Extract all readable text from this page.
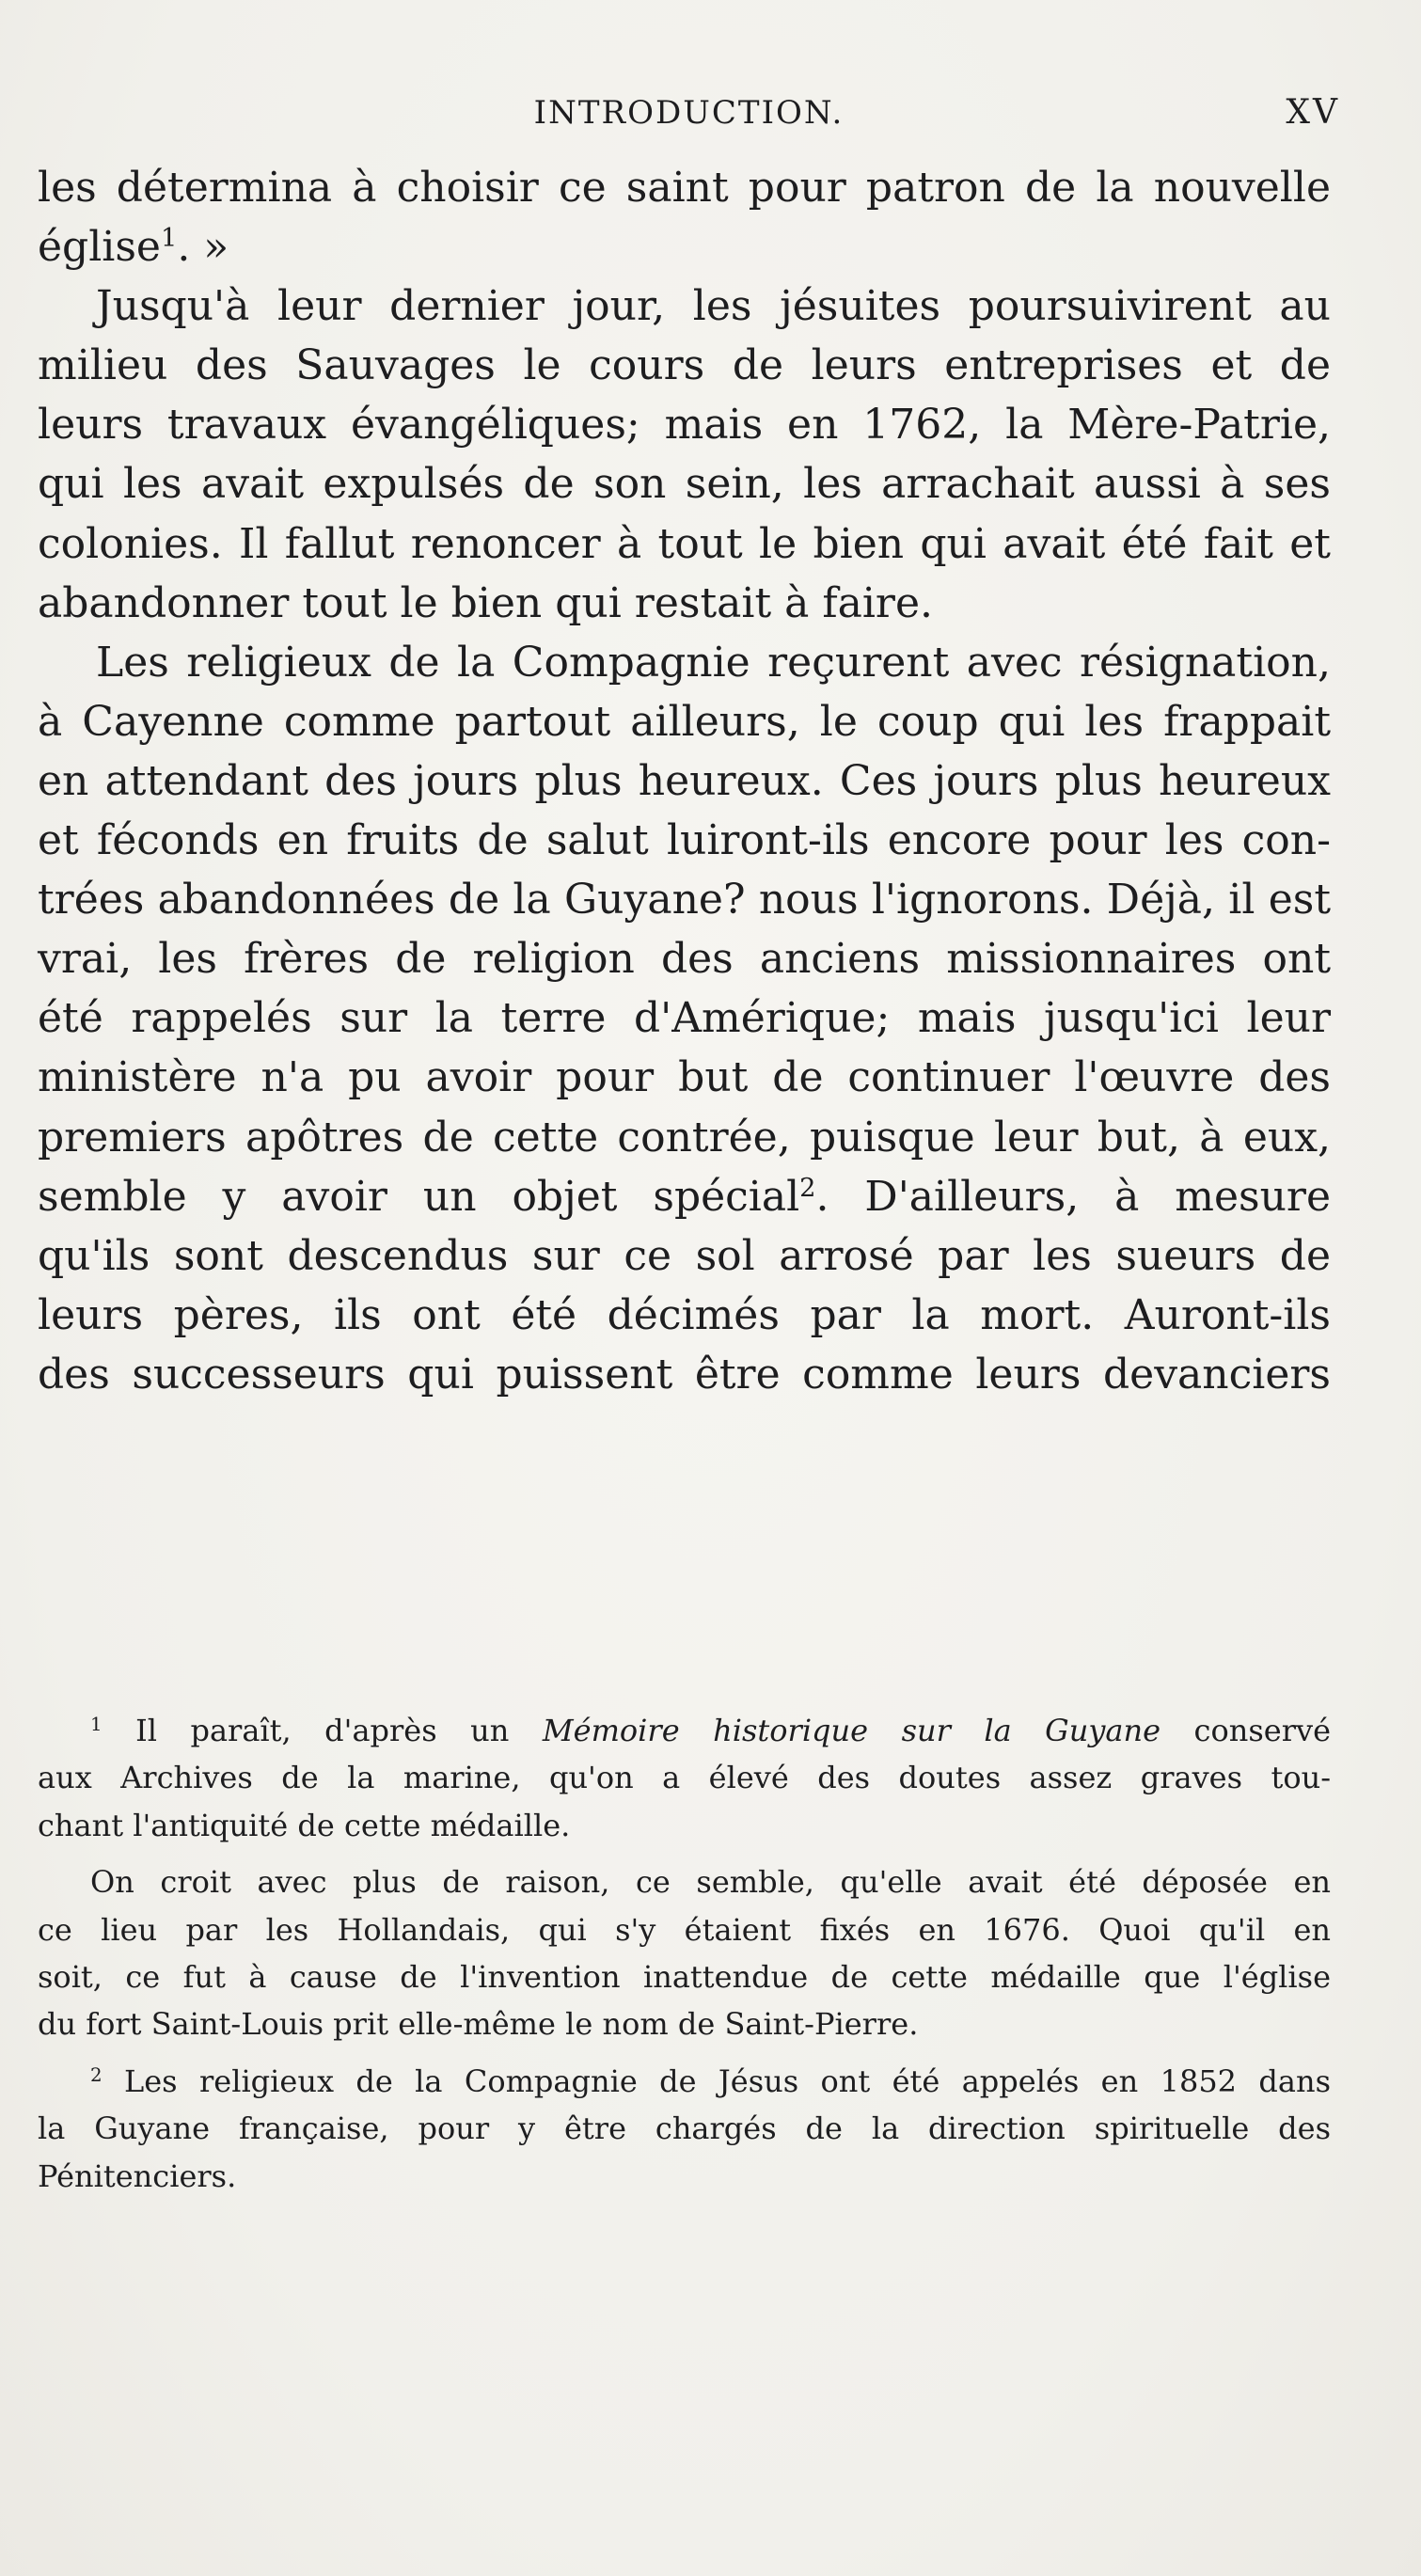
INTRODUCTION.	XV
les détermina à choisir ce saint pour patron de la nouvelle
église$^1$. »
Jusqu'à leur dernier jour, les jésuites poursuivirent au
milieu des Sauvages le cours de leurs entreprises et de
leurs travaux évangéliques; mais en 1762, la Mère-Patrie,
qui les avait expulsés de son sein, les arrachait aussi à ses
colonies. Il fallut renoncer à tout le bien qui avait été fait et
abandonner tout le bien qui restait à faire.
Les religieux de la Compagnie reçurent avec résignation,
à Cayenne comme partout ailleurs, le coup qui les frappait
en attendant des jours plus heureux. Ces jours plus heureux
et féconds en fruits de salut luiront-ils encore pour les con-
trées abandonnées de la Guyane? nous l'ignorons. Déjà, il est
vrai, les frères de religion des anciens missionnaires ont
été rappelés sur la terre d'Amérique; mais jusqu'ici leur
ministère n'a pu avoir pour but de continuer l'œuvre des
premiers apôtres de cette contrée, puisque leur but, à eux,
semble y avoir un objet spécial$^2$. D'ailleurs, à mesure
qu'ils sont descendus sur ce sol arrosé par les sueurs de
leurs pères, ils ont été décimés par la mort. Auront-ils
des successeurs qui puissent être comme leurs devanciers
$^1$ Il paraît, d'après un Mémoire historique sur la Guyane conservé
aux Archives de la marine, qu'on a élevé des doutes assez graves tou-
chant l'antiquité de cette médaille.
On croit avec plus de raison, ce semble, qu'elle avait été déposée en
ce lieu par les Hollandais, qui s'y étaient fixés en 1676. Quoi qu'il en
soit, ce fut à cause de l'invention inattendue de cette médaille que l'église
du fort Saint-Louis prit elle-même le nom de Saint-Pierre.
$^2$ Les religieux de la Compagnie de Jésus ont été appelés en 1852 dans
la Guyane française, pour y être chargés de la direction spirituelle des
Pénitenciers.
